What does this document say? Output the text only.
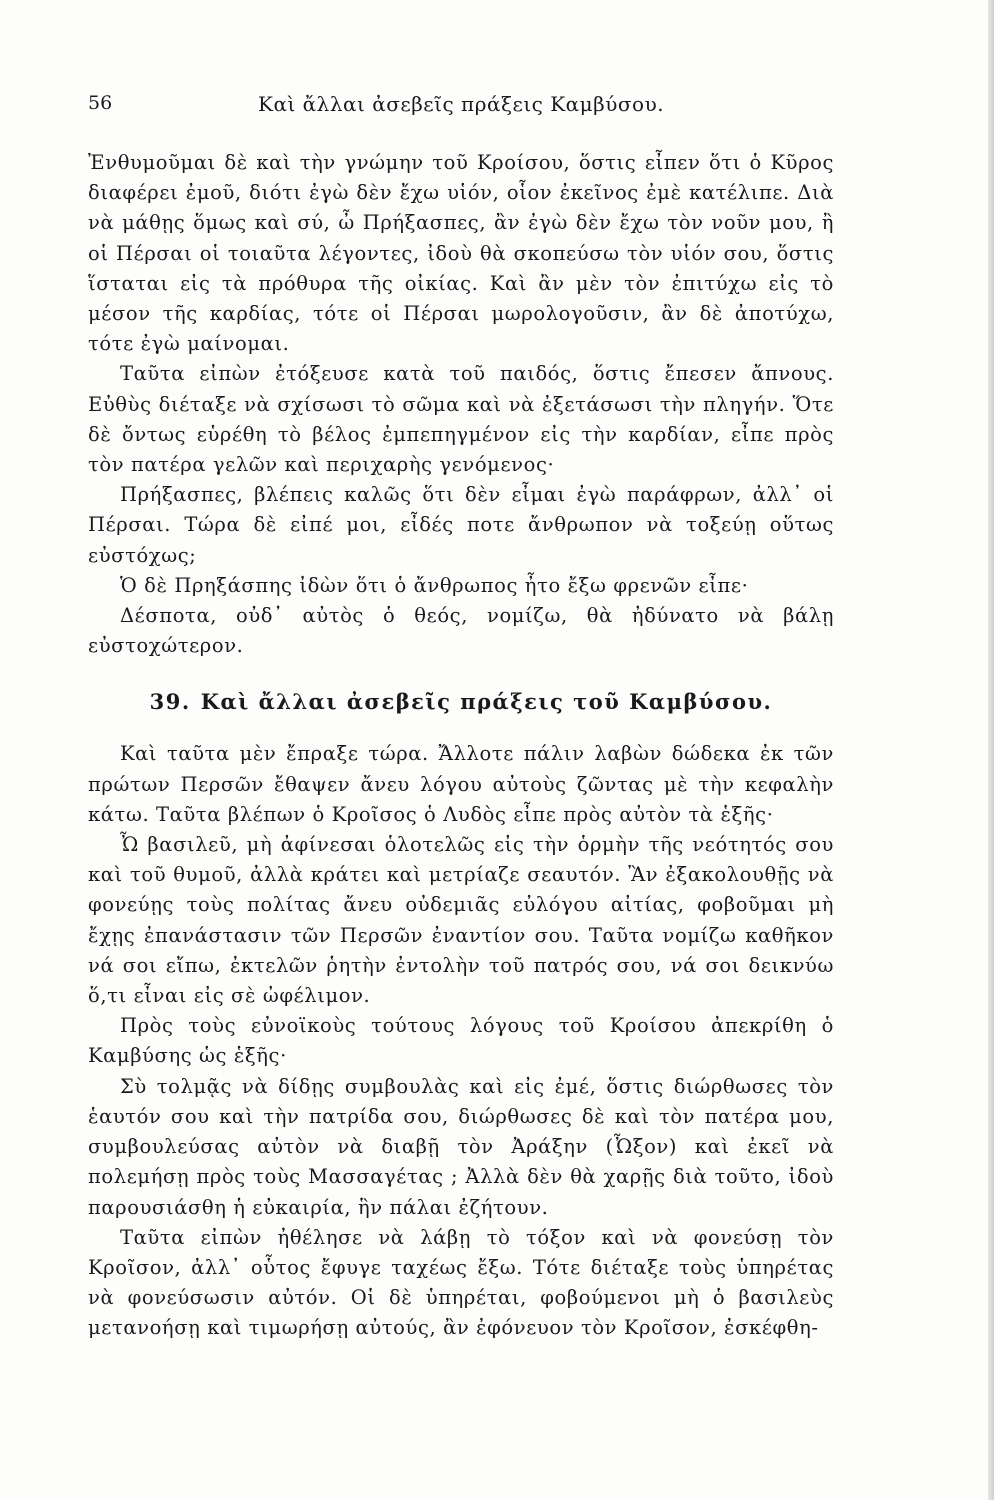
56	Καὶ ἄλλαι ἀσεβεῖς πράξεις Καμβύσου.

Ἐνθυμοῦμαι δὲ καὶ τὴν γνώμην τοῦ Κροίσου, ὅστις εἶπεν ὅτι ὁ Κῦρος διαφέρει ἐμοῦ, διότι ἐγὼ δὲν ἔχω υἱόν, οἷον ἐκεῖνος ἐμὲ κατέλιπε. Διὰ νὰ μάθῃς ὅμως καὶ σύ, ὦ Πρήξασπες, ἂν ἐγὼ δὲν ἔχω τὸν νοῦν μου, ἢ οἱ Πέρσαι οἱ τοιαῦτα λέγοντες, ἰδοὺ θὰ σκοπεύσω τὸν υἱόν σου, ὅστις ἵσταται εἰς τὰ πρόθυρα τῆς οἰκίας. Καὶ ἂν μὲν τὸν ἐπιτύχω εἰς τὸ μέσον τῆς καρδίας, τότε οἱ Πέρσαι μωρολογοῦσιν, ἂν δὲ ἀποτύχω, τότε ἐγὼ μαίνομαι.

Ταῦτα εἰπὼν ἐτόξευσε κατὰ τοῦ παιδός, ὅστις ἔπεσεν ἄπνους. Εὐθὺς διέταξε νὰ σχίσωσι τὸ σῶμα καὶ νὰ ἐξετάσωσι τὴν πληγήν. Ὅτε δὲ ὄντως εὑρέθη τὸ βέλος ἐμπεπηγμένον εἰς τὴν καρδίαν, εἶπε πρὸς τὸν πατέρα γελῶν καὶ περιχαρὴς γενόμενος·

Πρήξασπες, βλέπεις καλῶς ὅτι δὲν εἶμαι ἐγὼ παράφρων, ἀλλ᾽ οἱ Πέρσαι. Τώρα δὲ εἰπέ μοι, εἶδές ποτε ἄνθρωπον νὰ τοξεύῃ οὕτως εὐστόχως;

Ὁ δὲ Πρηξάσπης ἰδὼν ὅτι ὁ ἄνθρωπος ἦτο ἔξω φρενῶν εἶπε·

Δέσποτα, οὐδ᾽ αὐτὸς ὁ θεός, νομίζω, θὰ ἠδύνατο νὰ βάλῃ εὐστοχώτερον.

39. Καὶ ἄλλαι ἀσεβεῖς πράξεις τοῦ Καμβύσου.

Καὶ ταῦτα μὲν ἔπραξε τώρα. Ἄλλοτε πάλιν λαβὼν δώδεκα ἐκ τῶν πρώτων Περσῶν ἔθαψεν ἄνευ λόγου αὐτοὺς ζῶντας μὲ τὴν κεφαλὴν κάτω. Ταῦτα βλέπων ὁ Κροῖσος ὁ Λυδὸς εἶπε πρὸς αὐτὸν τὰ ἑξῆς·

Ὦ βασιλεῦ, μὴ ἀφίνεσαι ὁλοτελῶς εἰς τὴν ὁρμὴν τῆς νεότητός σου καὶ τοῦ θυμοῦ, ἀλλὰ κράτει καὶ μετρίαζε σεαυτόν. Ἂν ἐξακολουθῇς νὰ φονεύῃς τοὺς πολίτας ἄνευ οὐδεμιᾶς εὐλόγου αἰτίας, φοβοῦμαι μὴ ἔχῃς ἐπανάστασιν τῶν Περσῶν ἐναντίον σου. Ταῦτα νομίζω καθῆκον νά σοι εἴπω, ἐκτελῶν ῥητὴν ἐντολὴν τοῦ πατρός σου, νά σοι δεικνύω ὅ,τι εἶναι εἰς σὲ ὠφέλιμον.

Πρὸς τοὺς εὐνοϊκοὺς τούτους λόγους τοῦ Κροίσου ἀπεκρίθη ὁ Καμβύσης ὡς ἑξῆς·

Σὺ τολμᾷς νὰ δίδῃς συμβουλὰς καὶ εἰς ἐμέ, ὅστις διώρθωσες τὸν ἑαυτόν σου καὶ τὴν πατρίδα σου, διώρθωσες δὲ καὶ τὸν πατέρα μου, συμβουλεύσας αὐτὸν νὰ διαβῇ τὸν Ἀράξην (Ὦξον) καὶ ἐκεῖ νὰ πολεμήσῃ πρὸς τοὺς Μασσαγέτας ; Ἀλλὰ δὲν θὰ χαρῇς διὰ τοῦτο, ἰδοὺ παρουσιάσθη ἡ εὐκαιρία, ἣν πάλαι ἐζήτουν.

Ταῦτα εἰπὼν ἠθέλησε νὰ λάβῃ τὸ τόξον καὶ νὰ φονεύσῃ τὸν Κροῖσον, ἀλλ᾽ οὗτος ἔφυγε ταχέως ἔξω. Τότε διέταξε τοὺς ὑπηρέτας νὰ φονεύσωσιν αὐτόν. Οἱ δὲ ὑπηρέται, φοβούμενοι μὴ ὁ βασιλεὺς μετανοήσῃ καὶ τιμωρήσῃ αὐτούς, ἂν ἐφόνευον τὸν Κροῖσον, ἐσκέφθη-
